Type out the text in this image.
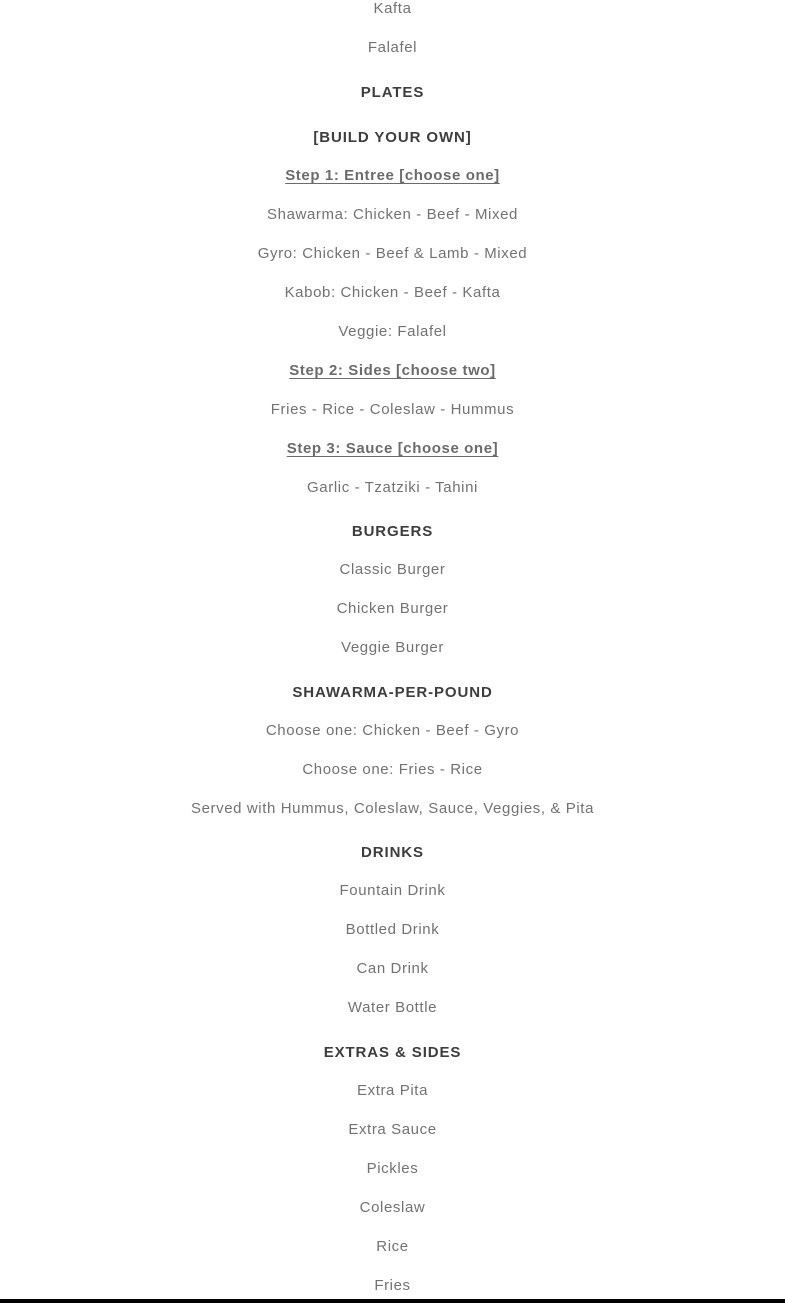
Kafta
Falafel
PLATES
[BUILD YOUR OWN]
Step 1: Entree [choose one]
Shawarma: Chicken - Beef - Mixed
Gyro: Chicken - Beef & Lamb - Mixed
Kabob: Chicken - Beef - Kafta
Veggie: Falafel
Step 2: Sides [choose two]
Fries - Rice - Coleslaw - Hummus
Step 3: Sauce [choose one]
Garlic - Tzatziki - Tahini
BURGERS
Classic Burger
Chicken Burger
Veggie Burger
SHAWARMA-PER-POUND
Choose one: Chicken - Beef - Gyro
Choose one: Fries - Rice
Served with Hummus, Coleslaw, Sauce, Veggies, & Pita
DRINKS
Fountain Drink
Bottled Drink
Can Drink
Water Bottle
EXTRAS & SIDES
Extra Pita
Extra Sauce
Pickles
Coleslaw
Rice
Fries
